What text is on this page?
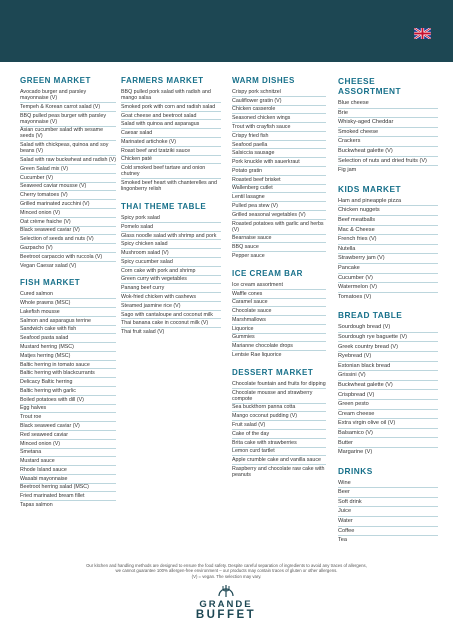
GREEN MARKET
Avocado burger and parsley mayonnaise (V)
Tempeh & Korean carrot salad (V)
BBQ pulled peas burger with parsley mayonnaise (V)
Asian cucumber salad with sesame seeds (V)
Salad with chickpeas, quinoa and soy beans (V)
Salad with raw buckwheat and radish (V)
Green Salad mix (V)
Cucumber (V)
Seaweed caviar mousse (V)
Cherry tomatoes (V)
Grilled marinated zucchini (V)
Minced onion (V)
Oat crème fraiche (V)
Black seaweed caviar (V)
Selection of seeds and nuts (V)
Gazpacho (V)
Beetroot carpaccio with ruccola (V)
Vegan Caesar salad (V)
FISH MARKET
Cured salmon
Whole prawns (MSC)
Lakefish mousse
Salmon and asparagus terrine
Sandwich cake with fish
Seafood pasta salad
Mustard herring (MSC)
Matjes herring (MSC)
Baltic herring in tomato sauce
Baltic herring with blackcurrants
Delicacy Baltic herring
Baltic herring with garlic
Boiled potatoes with dill (V)
Egg halves
Trout roe
Black seaweed caviar (V)
Red seaweed caviar
Minced onion (V)
Smetana
Mustard sauce
Rhode Island sauce
Wasabi mayonnaise
Beetroot herring salad (MSC)
Fried marinated bream fillet
Tapas salmon
FARMERS MARKET
BBQ pulled pork salad with radish and mango salsa
Smoked pork with corn and radish salad
Goat cheese and beetroot salad
Salad with quinoa and asparagus
Caesar salad
Marinated artichoke (V)
Roast beef and tzatziki sauce
Chicken paté
Cold smoked beef tartare and onion chutney
Smoked beef heart with chanterelles and lingonberry relish
THAI THEME TABLE
Spicy pork salad
Pomelo salad
Glass noodle salad with shrimp and pork
Spicy chicken salad
Mushroom salad (V)
Spicy cucumber salad
Corn cake with pork and shrimp
Green curry with vegetables
Panang beef curry
Wok-fried chicken with cashews
Steamed jasmine rice (V)
Sago with cantaloupe and coconut milk
Thai banana cake in coconut milk (V)
Thai fruit salad (V)
WARM DISHES
Crispy pork schnitzel
Cauliflower gratin (V)
Chicken casserole
Seasoned chicken wings
Trout with crayfish sauce
Crispy fried fish
Seafood paella
Salsiccia sausage
Pork knuckle with sauerkraut
Potato gratin
Roasted beef brisket
Wallenberg cutlet
Lentil lasagne
Pulled pea stew (V)
Grilled seasonal vegetables (V)
Roasted potatoes with garlic and herbs (V)
Bearnaise sauce
BBQ sauce
Pepper sauce
ICE CREAM BAR
Ice cream assortment
Waffle cones
Caramel sauce
Chocolate sauce
Marshmallows
Liquorice
Gummies
Marianne chocolate drops
Lentsie Rae liquorice
DESSERT MARKET
Chocolate fountain and fruits for dipping
Chocolate mousse and strawberry compote
Sea buckthorn panna cotta
Mango coconut pudding (V)
Fruit salad (V)
Cake of the day
Brita cake with strawberries
Lemon curd tartlet
Apple crumble cake and vanilla sauce
Raspberry and chocolate raw cake with peanuts
CHEESE ASSORTMENT
Blue cheese
Brie
Whisky-aged Cheddar
Smoked cheese
Crackers
Buckwheat galette (V)
Selection of nuts and dried fruits (V)
Fig jam
KIDS MARKET
Ham and pineapple pizza
Chicken nuggets
Beef meatballs
Mac & Cheese
French fries (V)
Nutella
Strawberry jam (V)
Pancake
Cucumber (V)
Watermelon (V)
Tomatoes (V)
BREAD TABLE
Sourdough bread (V)
Sourdough rye baguette (V)
Greek country bread (V)
Ryebread (V)
Estonian black bread
Grissini (V)
Buckwheat galette (V)
Crispbread (V)
Green pesto
Cream cheese
Extra virgin olive oil (V)
Balsamico (V)
Butter
Margarine (V)
DRINKS
Wine
Beer
Soft drink
Juice
Water
Coffee
Tea
Our kitchen and handling methods are designed to ensure the food safety. Despite careful separation of ingredients to avoid any traces of allergens,
we cannot guarantee 100% allergen-free environment – our products may contain traces of gluten or other allergens.
(V) = vegan. The selection may vary.
GRANDE
BUFFET
